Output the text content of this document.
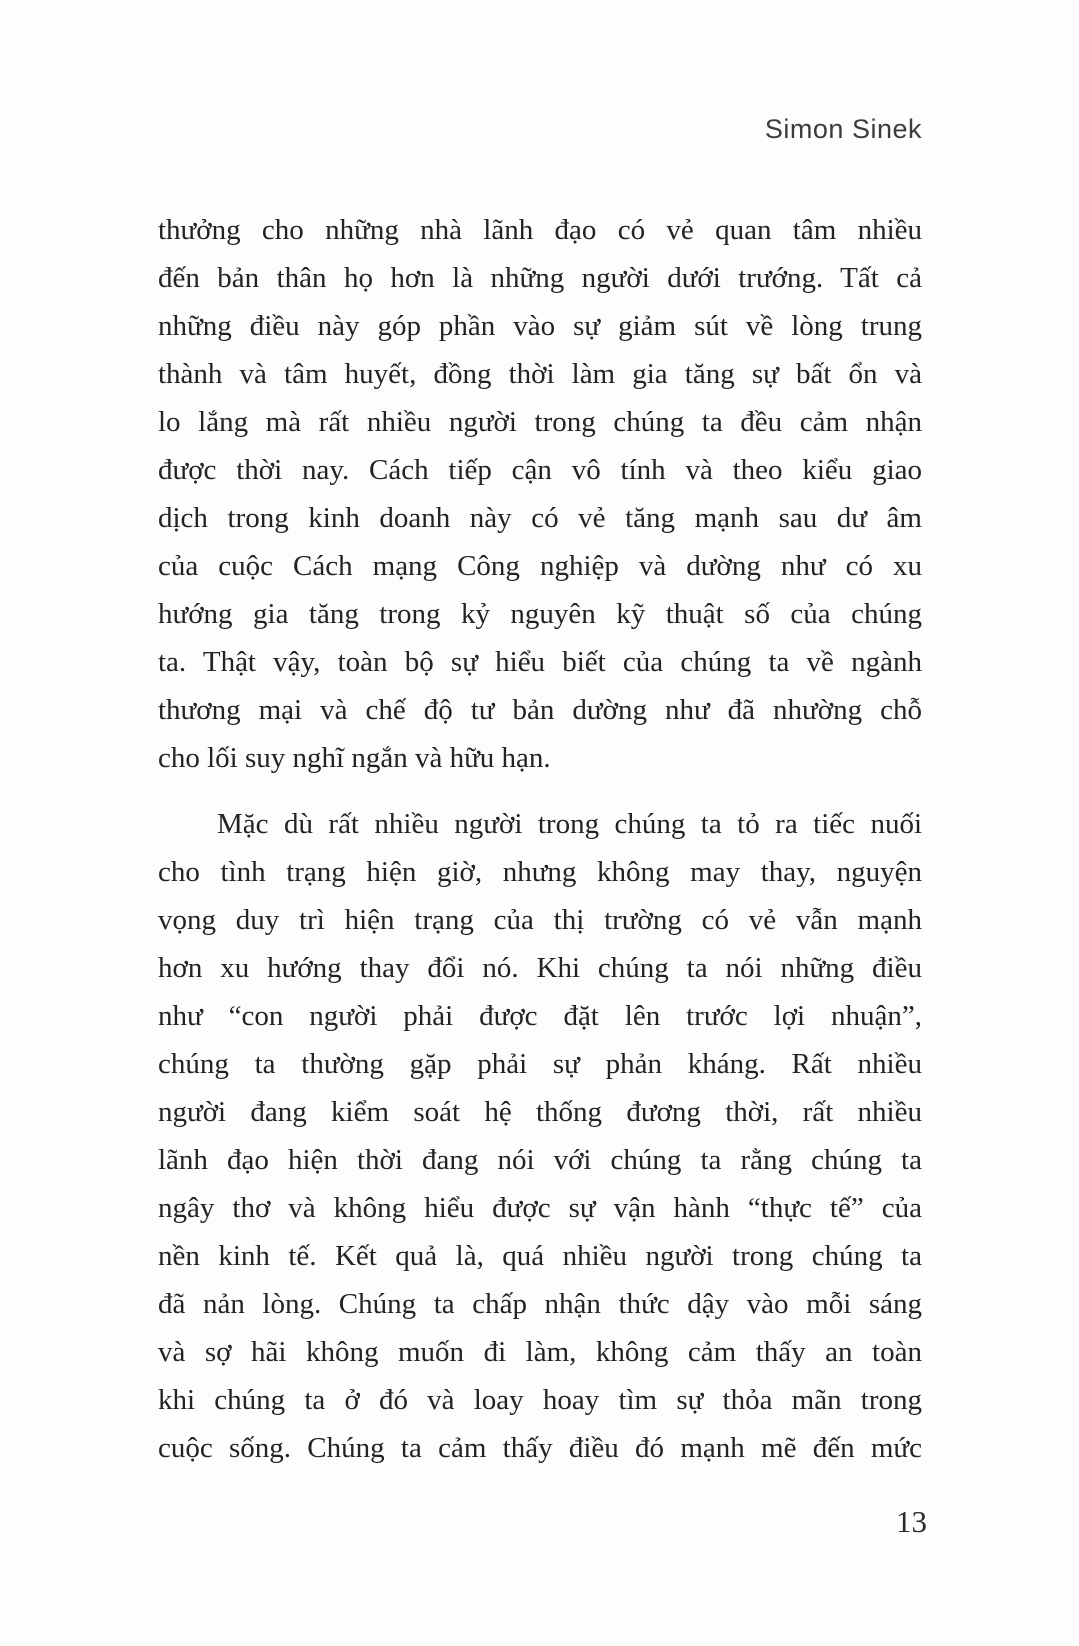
Simon Sinek
thưởng cho những nhà lãnh đạo có vẻ quan tâm nhiều
đến bản thân họ hơn là những người dưới trướng. Tất cả
những điều này góp phần vào sự giảm sút về lòng trung
thành và tâm huyết, đồng thời làm gia tăng sự bất ổn và
lo lắng mà rất nhiều người trong chúng ta đều cảm nhận
được thời nay. Cách tiếp cận vô tính và theo kiểu giao
dịch trong kinh doanh này có vẻ tăng mạnh sau dư âm
của cuộc Cách mạng Công nghiệp và dường như có xu
hướng gia tăng trong kỷ nguyên kỹ thuật số của chúng
ta. Thật vậy, toàn bộ sự hiểu biết của chúng ta về ngành
thương mại và chế độ tư bản dường như đã nhường chỗ
cho lối suy nghĩ ngắn và hữu hạn.
Mặc dù rất nhiều người trong chúng ta tỏ ra tiếc nuối
cho tình trạng hiện giờ, nhưng không may thay, nguyện
vọng duy trì hiện trạng của thị trường có vẻ vẫn mạnh
hơn xu hướng thay đổi nó. Khi chúng ta nói những điều
như “con người phải được đặt lên trước lợi nhuận”,
chúng ta thường gặp phải sự phản kháng. Rất nhiều
người đang kiểm soát hệ thống đương thời, rất nhiều
lãnh đạo hiện thời đang nói với chúng ta rằng chúng ta
ngây thơ và không hiểu được sự vận hành “thực tế” của
nền kinh tế. Kết quả là, quá nhiều người trong chúng ta
đã nản lòng. Chúng ta chấp nhận thức dậy vào mỗi sáng
và sợ hãi không muốn đi làm, không cảm thấy an toàn
khi chúng ta ở đó và loay hoay tìm sự thỏa mãn trong
cuộc sống. Chúng ta cảm thấy điều đó mạnh mẽ đến mức
13
